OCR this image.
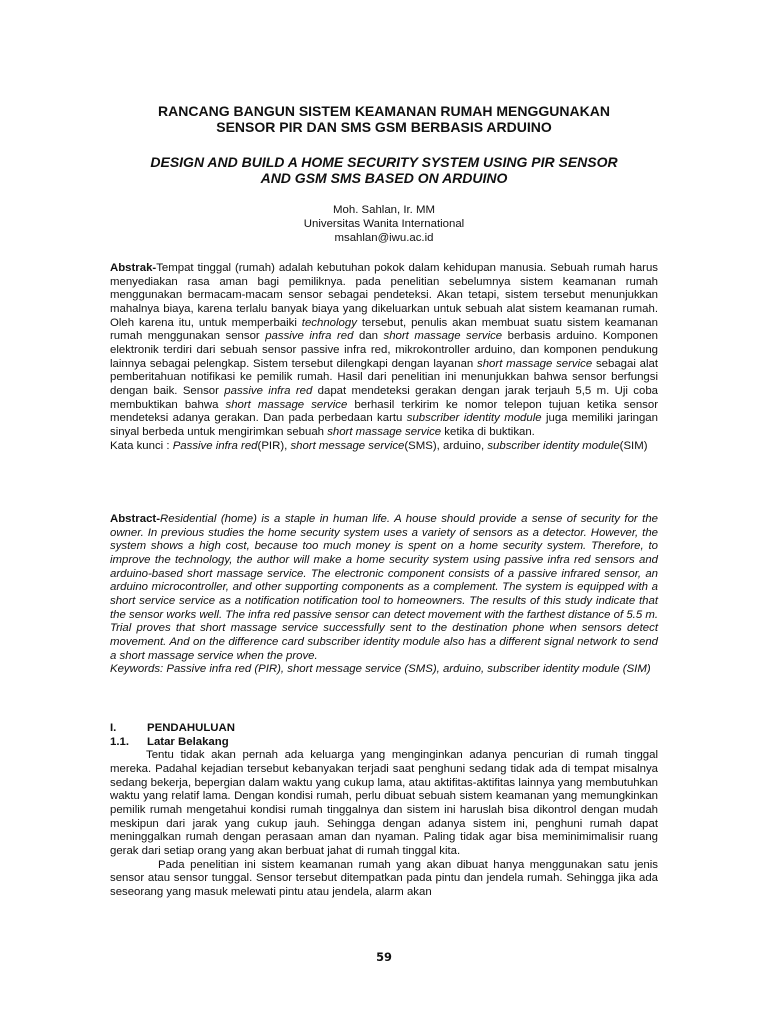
RANCANG BANGUN SISTEM KEAMANAN RUMAH MENGGUNAKAN
SENSOR PIR DAN SMS GSM BERBASIS ARDUINO
DESIGN AND BUILD A HOME SECURITY SYSTEM USING PIR SENSOR
AND GSM SMS BASED ON ARDUINO
Moh. Sahlan, Ir. MM
Universitas Wanita International
msahlan@iwu.ac.id

Abstrak-Tempat tinggal (rumah) adalah kebutuhan pokok dalam kehidupan manusia. Sebuah rumah harus menyediakan rasa aman bagi pemiliknya. pada penelitian sebelumnya sistem keamanan rumah menggunakan bermacam-macam sensor sebagai pendeteksi. Akan tetapi, sistem tersebut menunjukkan mahalnya biaya, karena terlalu banyak biaya yang dikeluarkan untuk sebuah alat sistem keamanan rumah. Oleh karena itu, untuk memperbaiki technology tersebut, penulis akan membuat suatu sistem keamanan rumah menggunakan sensor passive infra red dan short massage service berbasis arduino. Komponen elektronik terdiri dari sebuah sensor passive infra red, mikrokontroller arduino, dan komponen pendukung lainnya sebagai pelengkap. Sistem tersebut dilengkapi dengan layanan short massage service sebagai alat pemberitahuan notifikasi ke pemilik rumah. Hasil dari penelitian ini menunjukkan bahwa sensor berfungsi dengan baik. Sensor passive infra red dapat mendeteksi gerakan dengan jarak terjauh 5,5 m. Uji coba membuktikan bahwa short massage service berhasil terkirim ke nomor telepon tujuan ketika sensor mendeteksi adanya gerakan. Dan pada perbedaan kartu subscriber identity module juga memiliki jaringan sinyal berbeda untuk mengirimkan sebuah short massage service ketika di buktikan.

Kata kunci : Passive infra red(PIR), short message service(SMS), arduino, subscriber identity module(SIM)

Abstract-Residential (home) is a staple in human life. A house should provide a sense of security for the owner. In previous studies the home security system uses a variety of sensors as a detector. However, the system shows a high cost, because too much money is spent on a home security system. Therefore, to improve the technology, the author will make a home security system using passive infra red sensors and arduino-based short massage service. The electronic component consists of a passive infrared sensor, an arduino microcontroller, and other supporting components as a complement. The system is equipped with a short service service as a notification notification tool to homeowners. The results of this study indicate that the sensor works well. The infra red passive sensor can detect movement with the farthest distance of 5.5 m. Trial proves that short massage service successfully sent to the destination phone when sensors detect movement. And on the difference card subscriber identity module also has a different signal network to send a short massage service when the prove.

Keywords: Passive infra red (PIR), short message service (SMS), arduino, subscriber identity module (SIM)

I.	PENDAHULUAN
1.1.	Latar Belakang

Tentu tidak akan pernah ada keluarga yang menginginkan adanya pencurian di rumah tinggal mereka. Padahal kejadian tersebut kebanyakan terjadi saat penghuni sedang tidak ada di tempat misalnya sedang bekerja, bepergian dalam waktu yang cukup lama, atau aktifitas-aktifitas lainnya yang membutuhkan waktu yang relatif lama. Dengan kondisi rumah, perlu dibuat sebuah sistem keamanan yang memungkinkan pemilik rumah mengetahui kondisi rumah tinggalnya dan sistem ini haruslah bisa dikontrol dengan mudah meskipun dari jarak yang cukup jauh. Sehingga dengan adanya sistem ini, penghuni rumah dapat meninggalkan rumah dengan perasaan aman dan nyaman. Paling tidak agar bisa meminimimalisir ruang gerak dari setiap orang yang akan berbuat jahat di rumah tinggal kita.

Pada penelitian ini sistem keamanan rumah yang akan dibuat hanya menggunakan satu jenis sensor atau sensor tunggal. Sensor tersebut ditempatkan pada pintu dan jendela rumah. Sehingga jika ada seseorang yang masuk melewati pintu atau jendela, alarm akan

59
